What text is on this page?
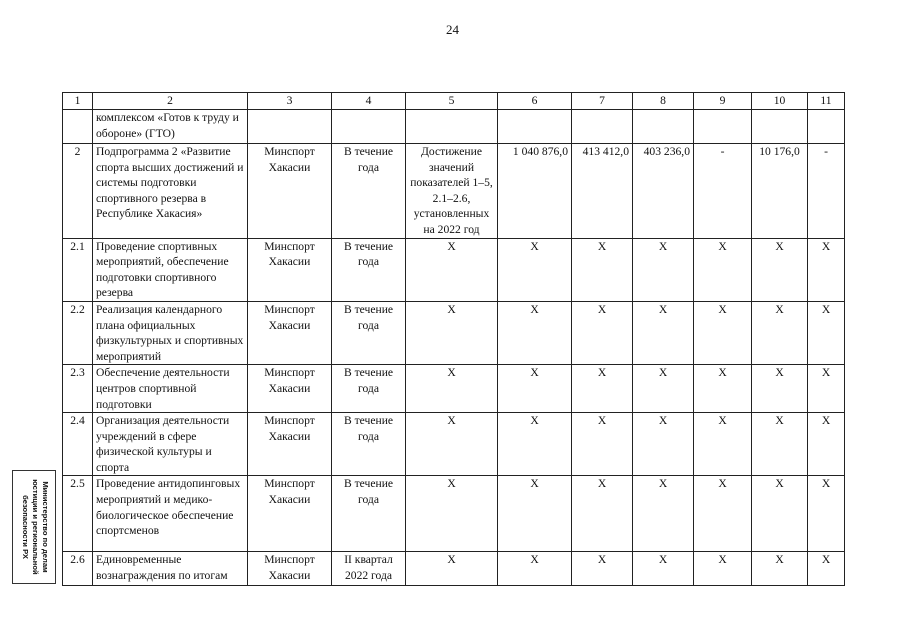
24
1	2	3	4	5	6	7	8	9	10	11
	комплексом «Готов к труду и обороне» (ГТО)									
2	Подпрограмма 2 «Развитие спорта высших достижений и системы подготовки спортивного резерва в Республике Хакасия»	Минспорт Хакасии	В течение года	Достижение значений показателей 1–5, 2.1–2.6, установленных на 2022 год	1 040 876,0	413 412,0	403 236,0	-	10 176,0	-
2.1	Проведение спортивных мероприятий, обеспечение подготовки спортивного резерва	Минспорт Хакасии	В течение года	X	X	X	X	X	X	X
2.2	Реализация календарного плана официальных физкультурных и спортивных мероприятий	Минспорт Хакасии	В течение года	X	X	X	X	X	X	X
2.3	Обеспечение деятельности центров спортивной подготовки	Минспорт Хакасии	В течение года	X	X	X	X	X	X	X
2.4	Организация деятельности учреждений в сфере физической культуры и спорта	Минспорт Хакасии	В течение года	X	X	X	X	X	X	X
2.5	Проведение антидопинговых мероприятий и медико-биологическое обеспечение спортсменов	Минспорт Хакасии	В течение года	X	X	X	X	X	X	X
2.6	Единовременные вознаграждения по итогам	Минспорт Хакасии	II квартал 2022 года	X	X	X	X	X	X	X
Министерство по делам
юстиции и региональной
безопасности РХ
